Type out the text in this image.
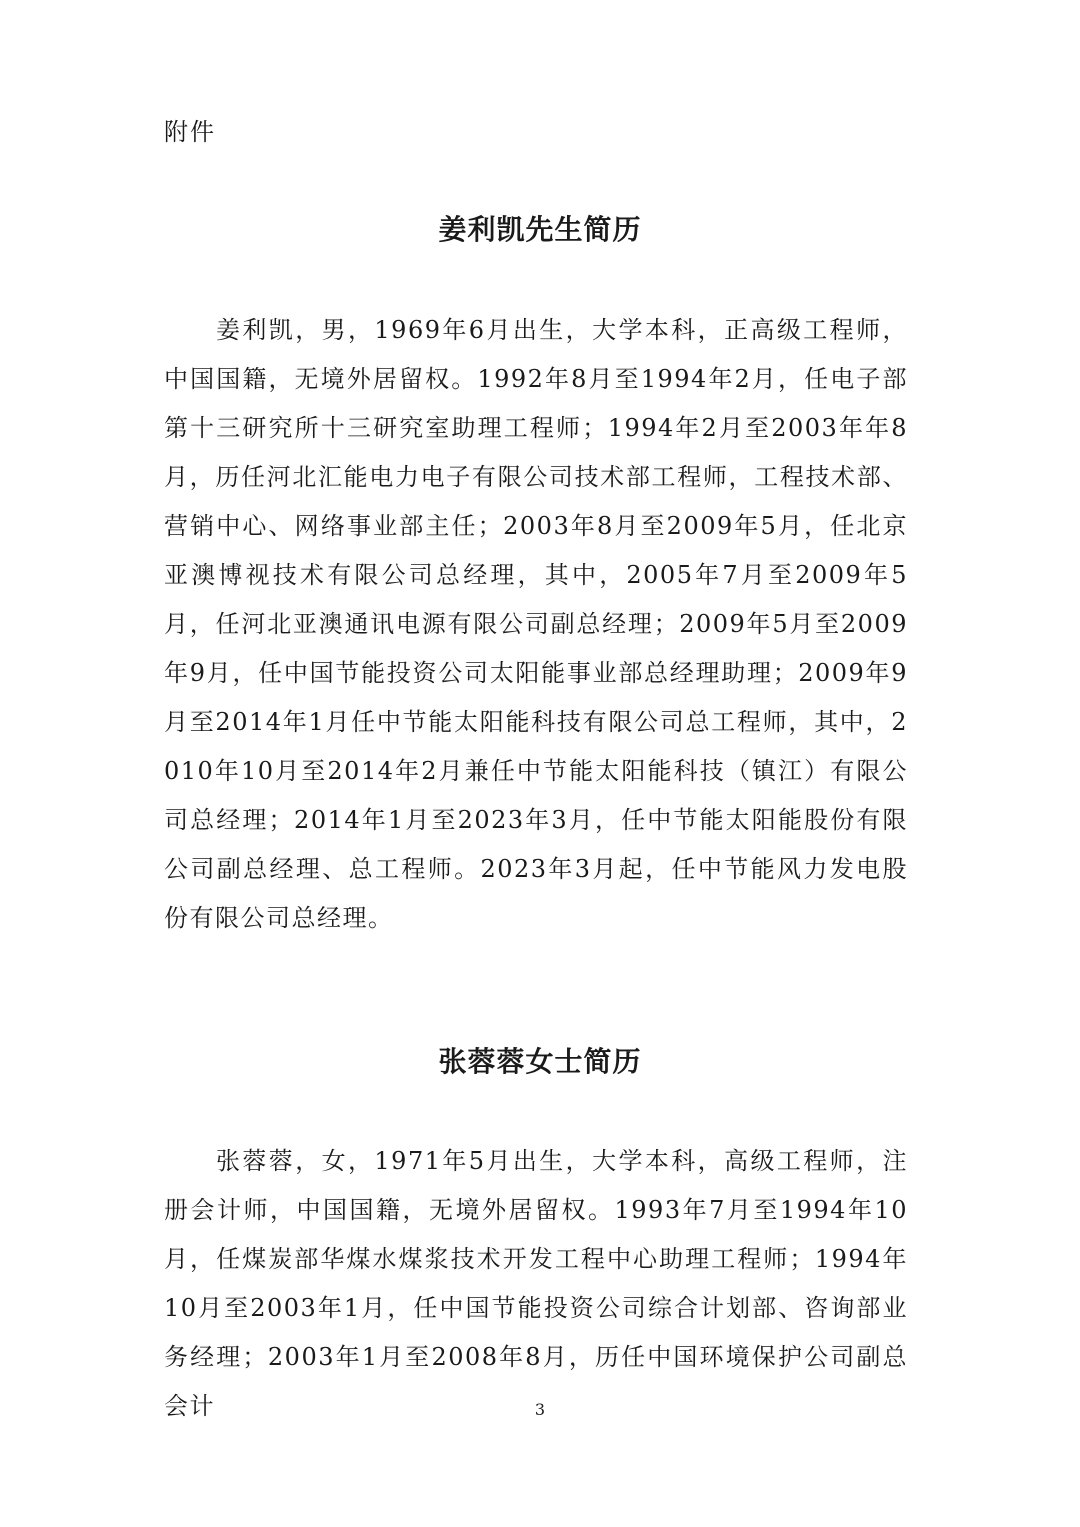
附件
姜利凯先生简历

姜利凯，男，1969年6月出生，大学本科，正高级工程师，中国国籍，无境外居留权。1992年8月至1994年2月，任电子部第十三研究所十三研究室助理工程师；1994年2月至2003年年8月，历任河北汇能电力电子有限公司技术部工程师，工程技术部、营销中心、网络事业部主任；2003年8月至2009年5月，任北京亚澳博视技术有限公司总经理，其中，2005年7月至2009年5月，任河北亚澳通讯电源有限公司副总经理；2009年5月至2009年9月，任中国节能投资公司太阳能事业部总经理助理；2009年9月至2014年1月任中节能太阳能科技有限公司总工程师，其中，2010年10月至2014年2月兼任中节能太阳能科技（镇江）有限公司总经理；2014年1月至2023年3月，任中节能太阳能股份有限公司副总经理、总工程师。2023年3月起，任中节能风力发电股份有限公司总经理。

张蓉蓉女士简历

张蓉蓉，女，1971年5月出生，大学本科，高级工程师，注册会计师，中国国籍，无境外居留权。1993年7月至1994年10月，任煤炭部华煤水煤浆技术开发工程中心助理工程师；1994年10月至2003年1月，任中国节能投资公司综合计划部、咨询部业务经理；2003年1月至2008年8月，历任中国环境保护公司副总会计	3
